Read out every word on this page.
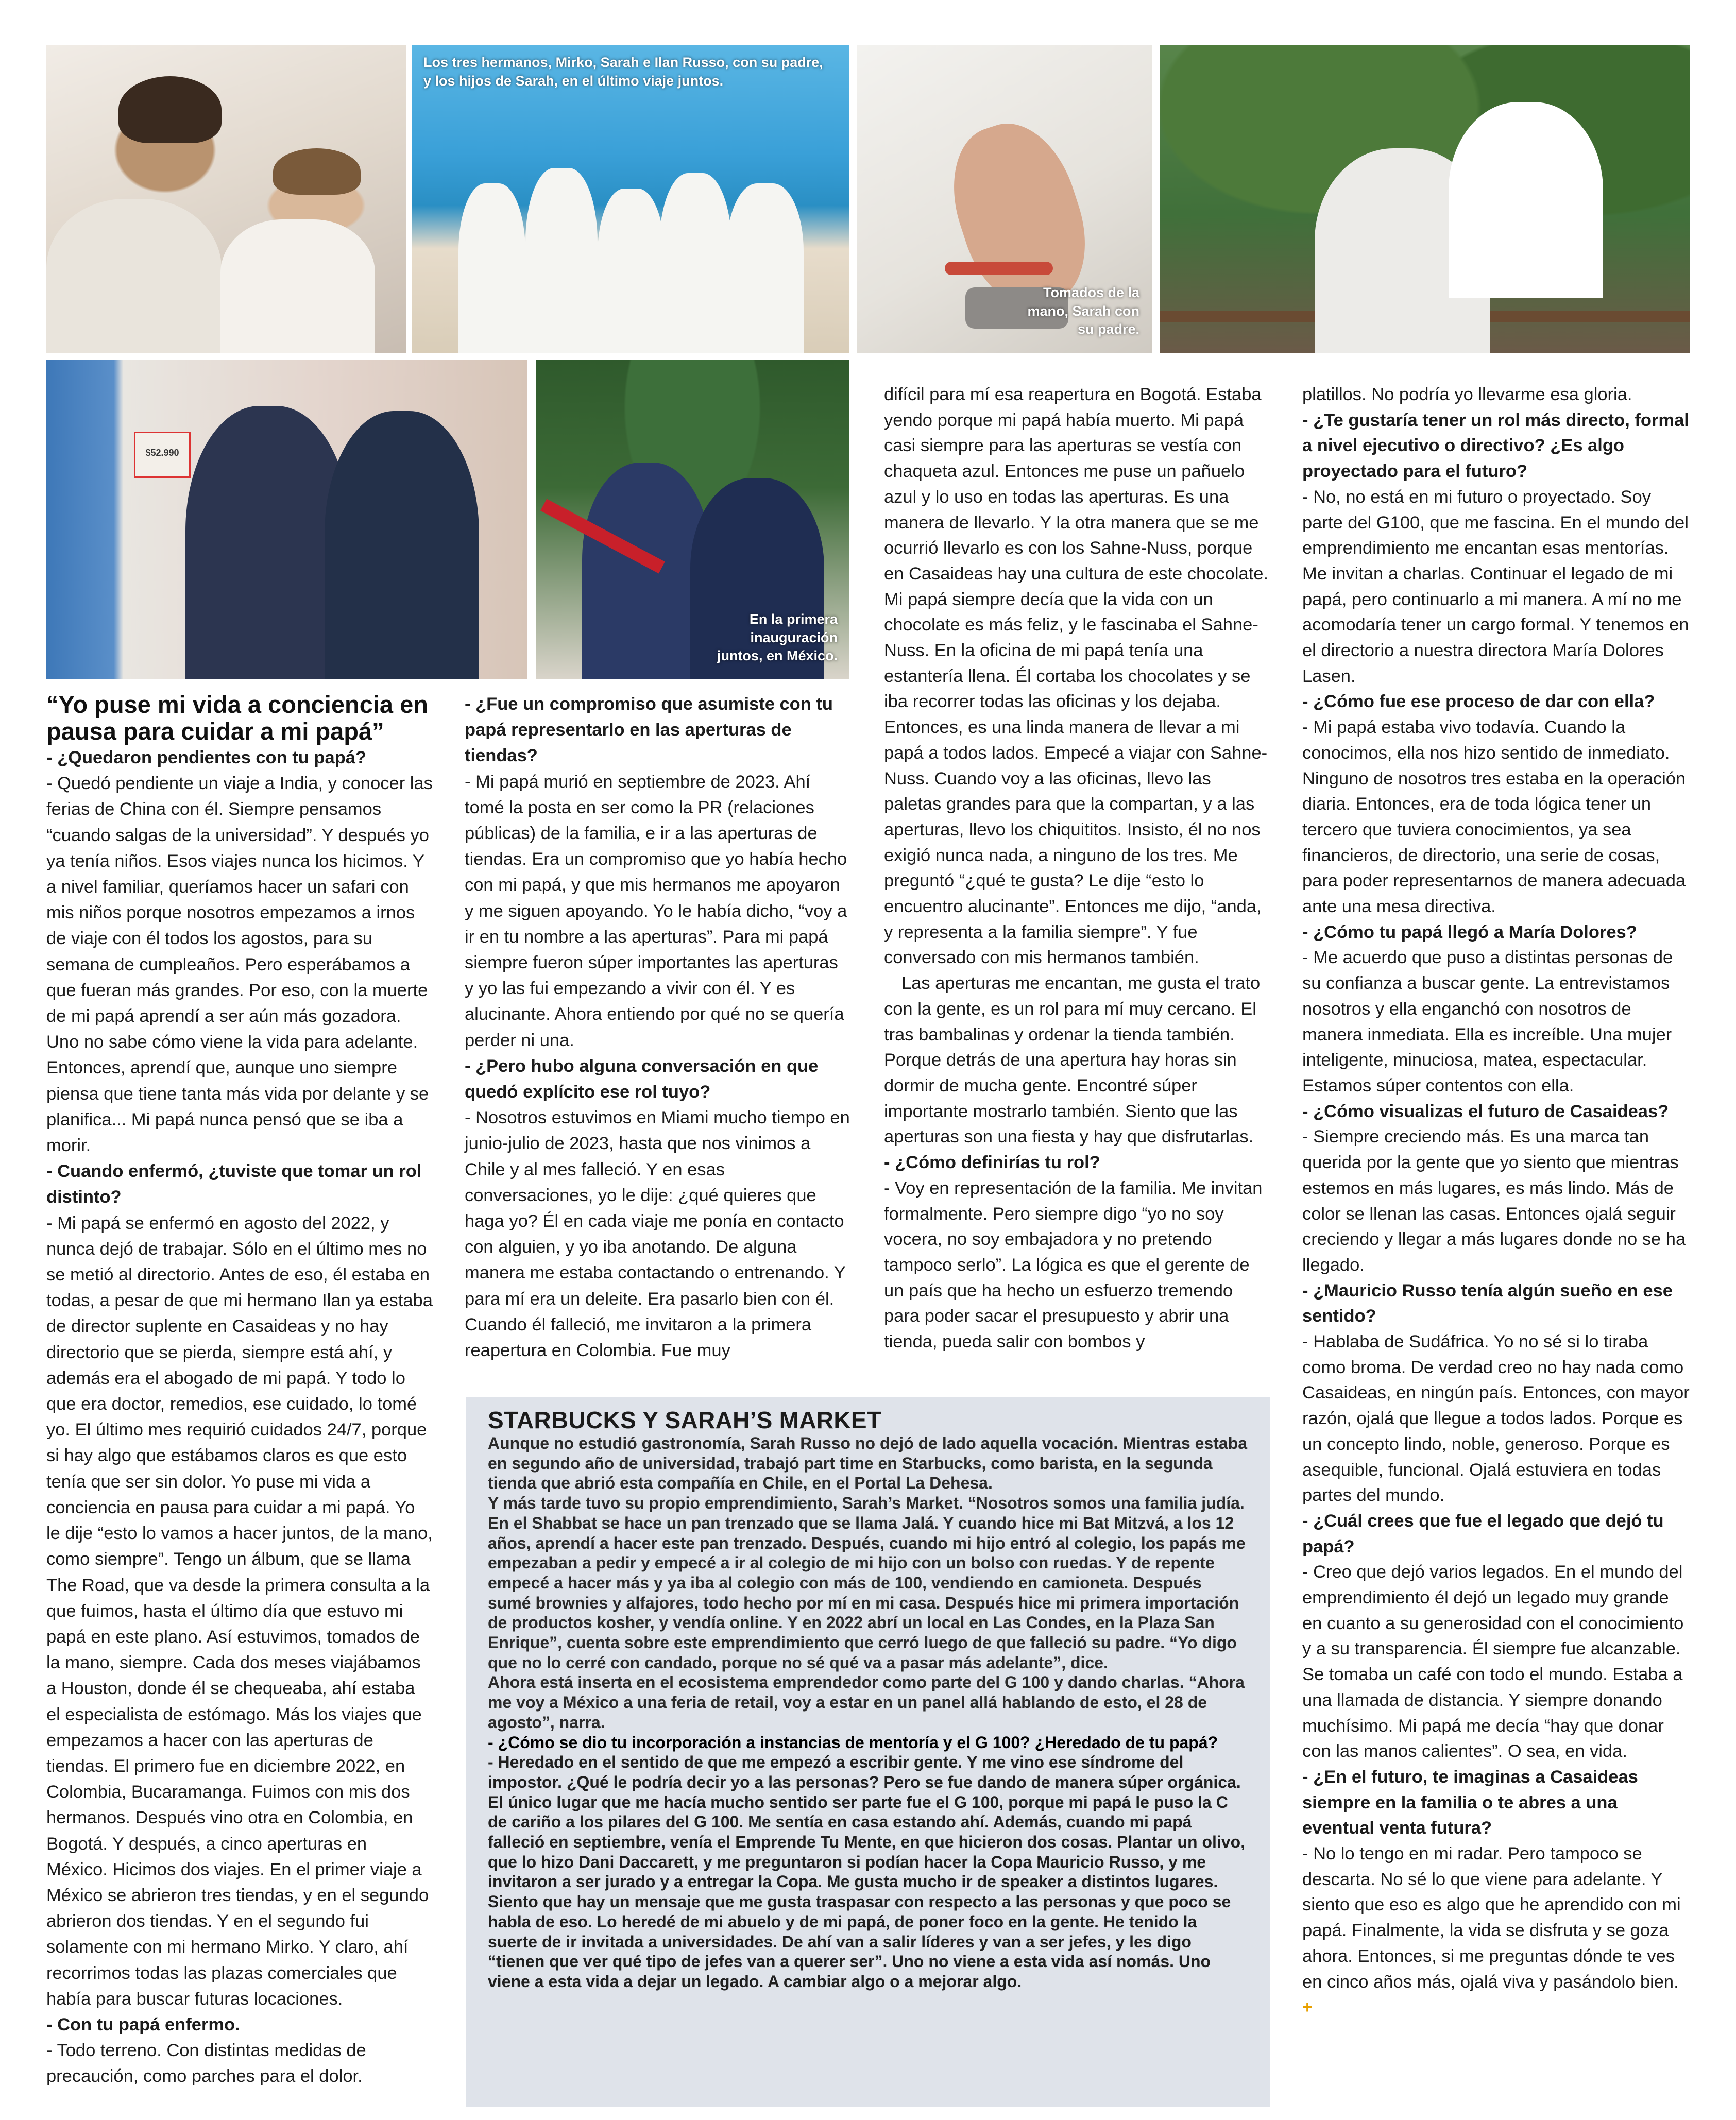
Los tres hermanos, Mirko, Sarah e Ilan Russo, con su padre, y los hijos de Sarah, en el último viaje juntos.
Tomados de la mano, Sarah con su padre.
$52.990
En la primera inauguración juntos, en México.

“Yo puse mi vida a conciencia en pausa para cuidar a mi papá”

- ¿Quedaron pendientes con tu papá?

- Quedó pendiente un viaje a India, y conocer las ferias de China con él. Siempre pensamos “cuando salgas de la universidad”. Y después yo ya tenía niños. Esos viajes nunca los hicimos. Y a nivel familiar, queríamos hacer un safari con mis niños porque nosotros empezamos a irnos de viaje con él todos los agostos, para su semana de cumpleaños. Pero esperábamos a que fueran más grandes. Por eso, con la muerte de mi papá aprendí a ser aún más gozadora. Uno no sabe cómo viene la vida para adelante. Entonces, aprendí que, aunque uno siempre piensa que tiene tanta más vida por delante y se planifica... Mi papá nunca pensó que se iba a morir.

- Cuando enfermó, ¿tuviste que tomar un rol distinto?

- Mi papá se enfermó en agosto del 2022, y nunca dejó de trabajar. Sólo en el último mes no se metió al directorio. Antes de eso, él estaba en todas, a pesar de que mi hermano Ilan ya estaba de director suplente en Casaideas y no hay directorio que se pierda, siempre está ahí, y además era el abogado de mi papá. Y todo lo que era doctor, remedios, ese cuidado, lo tomé yo. El último mes requirió cuidados 24/7, porque si hay algo que estábamos claros es que esto tenía que ser sin dolor. Yo puse mi vida a conciencia en pausa para cuidar a mi papá. Yo le dije “esto lo vamos a hacer juntos, de la mano, como siempre”. Tengo un álbum, que se llama The Road, que va desde la primera consulta a la que fuimos, hasta el último día que estuvo mi papá en este plano. Así estuvimos, tomados de la mano, siempre. Cada dos meses viajábamos a Houston, donde él se chequeaba, ahí estaba el especialista de estómago. Más los viajes que empezamos a hacer con las aperturas de tiendas. El primero fue en diciembre 2022, en Colombia, Bucaramanga. Fuimos con mis dos hermanos. Después vino otra en Colombia, en Bogotá. Y después, a cinco aperturas en México. Hicimos dos viajes. En el primer viaje a México se abrieron tres tiendas, y en el segundo abrieron dos tiendas. Y en el segundo fui solamente con mi hermano Mirko. Y claro, ahí recorrimos todas las plazas comerciales que había para buscar futuras locaciones.

- Con tu papá enfermo.

- Todo terreno. Con distintas medidas de precaución, como parches para el dolor.

- ¿Fue un compromiso que asumiste con tu papá representarlo en las aperturas de tiendas?

- Mi papá murió en septiembre de 2023. Ahí tomé la posta en ser como la PR (relaciones públicas) de la familia, e ir a las aperturas de tiendas. Era un compromiso que yo había hecho con mi papá, y que mis hermanos me apoyaron y me siguen apoyando. Yo le había dicho, “voy a ir en tu nombre a las aperturas”. Para mi papá siempre fueron súper importantes las aperturas y yo las fui empezando a vivir con él. Y es alucinante. Ahora entiendo por qué no se quería perder ni una.

- ¿Pero hubo alguna conversación en que quedó explícito ese rol tuyo?

- Nosotros estuvimos en Miami mucho tiempo en junio-julio de 2023, hasta que nos vinimos a Chile y al mes falleció. Y en esas conversaciones, yo le dije: ¿qué quieres que haga yo? Él en cada viaje me ponía en contacto con alguien, y yo iba anotando. De alguna manera me estaba contactando o entrenando. Y para mí era un deleite. Era pasarlo bien con él. Cuando él falleció, me invitaron a la primera reapertura en Colombia. Fue muy

difícil para mí esa reapertura en Bogotá. Estaba yendo porque mi papá había muerto. Mi papá casi siempre para las aperturas se vestía con chaqueta azul. Entonces me puse un pañuelo azul y lo uso en todas las aperturas. Es una manera de llevarlo. Y la otra manera que se me ocurrió llevarlo es con los Sahne-Nuss, porque en Casaideas hay una cultura de este chocolate. Mi papá siempre decía que la vida con un chocolate es más feliz, y le fascinaba el Sahne-Nuss. En la oficina de mi papá tenía una estantería llena. Él cortaba los chocolates y se iba recorrer todas las oficinas y los dejaba. Entonces, es una linda manera de llevar a mi papá a todos lados. Empecé a viajar con Sahne-Nuss. Cuando voy a las oficinas, llevo las paletas grandes para que la compartan, y a las aperturas, llevo los chiquititos. Insisto, él no nos exigió nunca nada, a ninguno de los tres. Me preguntó “¿qué te gusta? Le dije “esto lo encuentro alucinante”. Entonces me dijo, “anda, y representa a la familia siempre”. Y fue conversado con mis hermanos también.

Las aperturas me encantan, me gusta el trato con la gente, es un rol para mí muy cercano. El tras bambalinas y ordenar la tienda también. Porque detrás de una apertura hay horas sin dormir de mucha gente. Encontré súper importante mostrarlo también. Siento que las aperturas son una fiesta y hay que disfrutarlas.

- ¿Cómo definirías tu rol?

- Voy en representación de la familia. Me invitan formalmente. Pero siempre digo “yo no soy vocera, no soy embajadora y no pretendo tampoco serlo”. La lógica es que el gerente de un país que ha hecho un esfuerzo tremendo para poder sacar el presupuesto y abrir una tienda, pueda salir con bombos y

platillos. No podría yo llevarme esa gloria.

- ¿Te gustaría tener un rol más directo, formal a nivel ejecutivo o directivo? ¿Es algo proyectado para el futuro?

- No, no está en mi futuro o proyectado. Soy parte del G100, que me fascina. En el mundo del emprendimiento me encantan esas mentorías. Me invitan a charlas. Continuar el legado de mi papá, pero continuarlo a mi manera. A mí no me acomodaría tener un cargo formal. Y tenemos en el directorio a nuestra directora María Dolores Lasen.

- ¿Cómo fue ese proceso de dar con ella?

- Mi papá estaba vivo todavía. Cuando la conocimos, ella nos hizo sentido de inmediato. Ninguno de nosotros tres estaba en la operación diaria. Entonces, era de toda lógica tener un tercero que tuviera conocimientos, ya sea financieros, de directorio, una serie de cosas, para poder representarnos de manera adecuada ante una mesa directiva.

- ¿Cómo tu papá llegó a María Dolores?

- Me acuerdo que puso a distintas personas de su confianza a buscar gente. La entrevistamos nosotros y ella enganchó con nosotros de manera inmediata. Ella es increíble. Una mujer inteligente, minuciosa, matea, espectacular. Estamos súper contentos con ella.

- ¿Cómo visualizas el futuro de Casaideas?

- Siempre creciendo más. Es una marca tan querida por la gente que yo siento que mientras estemos en más lugares, es más lindo. Más de color se llenan las casas. Entonces ojalá seguir creciendo y llegar a más lugares donde no se ha llegado.

- ¿Mauricio Russo tenía algún sueño en ese sentido?

- Hablaba de Sudáfrica. Yo no sé si lo tiraba como broma. De verdad creo no hay nada como Casaideas, en ningún país. Entonces, con mayor razón, ojalá que llegue a todos lados. Porque es un concepto lindo, noble, generoso. Porque es asequible, funcional. Ojalá estuviera en todas partes del mundo.

- ¿Cuál crees que fue el legado que dejó tu papá?

- Creo que dejó varios legados. En el mundo del emprendimiento él dejó un legado muy grande en cuanto a su generosidad con el conocimiento y a su transparencia. Él siempre fue alcanzable. Se tomaba un café con todo el mundo. Estaba a una llamada de distancia. Y siempre donando muchísimo. Mi papá me decía “hay que donar con las manos calientes”. O sea, en vida.

- ¿En el futuro, te imaginas a Casaideas siempre en la familia o te abres a una eventual venta futura?

- No lo tengo en mi radar. Pero tampoco se descarta. No sé lo que viene para adelante. Y siento que eso es algo que he aprendido con mi papá. Finalmente, la vida se disfruta y se goza ahora. Entonces, si me preguntas dónde te ves en cinco años más, ojalá viva y pasándolo bien. +

STARBUCKS Y SARAH’S MARKET

Aunque no estudió gastronomía, Sarah Russo no dejó de lado aquella vocación. Mientras estaba en segundo año de universidad, trabajó part time en Starbucks, como barista, en la segunda tienda que abrió esta compañía en Chile, en el Portal La Dehesa.

Y más tarde tuvo su propio emprendimiento, Sarah’s Market. “Nosotros somos una familia judía. En el Shabbat se hace un pan trenzado que se llama Jalá. Y cuando hice mi Bat Mitzvá, a los 12 años, aprendí a hacer este pan trenzado. Después, cuando mi hijo entró al colegio, los papás me empezaban a pedir y empecé a ir al colegio de mi hijo con un bolso con ruedas. Y de repente empecé a hacer más y ya iba al colegio con más de 100, vendiendo en camioneta. Después sumé brownies y alfajores, todo hecho por mí en mi casa. Después hice mi primera importación de productos kosher, y vendía online. Y en 2022 abrí un local en Las Condes, en la Plaza San Enrique”, cuenta sobre este emprendimiento que cerró luego de que falleció su padre. “Yo digo que no lo cerré con candado, porque no sé qué va a pasar más adelante”, dice.

Ahora está inserta en el ecosistema emprendedor como parte del G 100 y dando charlas. “Ahora me voy a México a una feria de retail, voy a estar en un panel allá hablando de esto, el 28 de agosto”, narra.

- ¿Cómo se dio tu incorporación a instancias de mentoría y el G 100? ¿Heredado de tu papá?

- Heredado en el sentido de que me empezó a escribir gente. Y me vino ese síndrome del impostor. ¿Qué le podría decir yo a las personas? Pero se fue dando de manera súper orgánica. El único lugar que me hacía mucho sentido ser parte fue el G 100, porque mi papá le puso la C de cariño a los pilares del G 100. Me sentía en casa estando ahí. Además, cuando mi papá falleció en septiembre, venía el Emprende Tu Mente, en que hicieron dos cosas. Plantar un olivo, que lo hizo Dani Daccarett, y me preguntaron si podían hacer la Copa Mauricio Russo, y me invitaron a ser jurado y a entregar la Copa. Me gusta mucho ir de speaker a distintos lugares. Siento que hay un mensaje que me gusta traspasar con respecto a las personas y que poco se habla de eso. Lo heredé de mi abuelo y de mi papá, de poner foco en la gente. He tenido la suerte de ir invitada a universidades. De ahí van a salir líderes y van a ser jefes, y les digo “tienen que ver qué tipo de jefes van a querer ser”. Uno no viene a esta vida así nomás. Uno viene a esta vida a dejar un legado. A cambiar algo o a mejorar algo.
